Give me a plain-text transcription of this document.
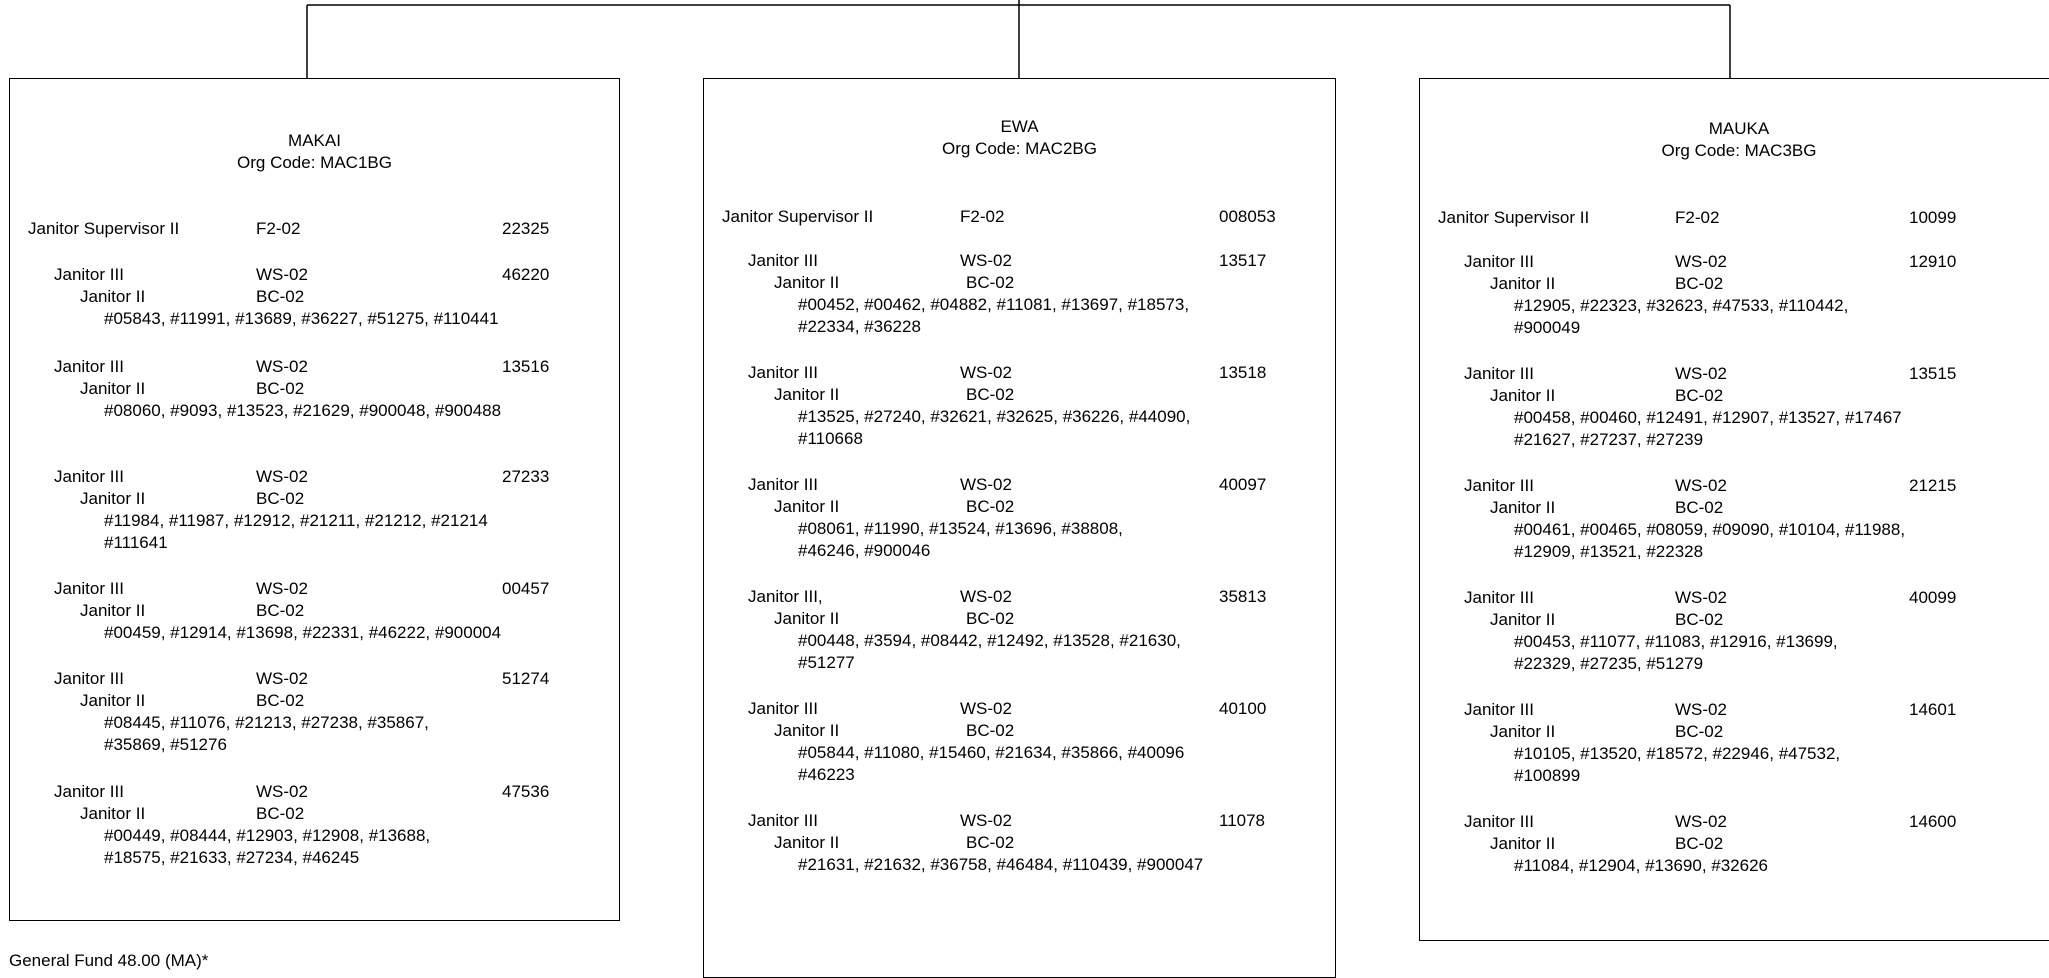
MAKAI
Org Code: MAC1BG
Janitor Supervisor II	F2-02	22325
Janitor III	WS-02	46220
Janitor II	BC-02
#05843, #11991, #13689, #36227, #51275, #110441
Janitor III	WS-02	13516
Janitor II	BC-02
#08060, #9093, #13523, #21629, #900048, #900488
Janitor III	WS-02	27233
Janitor II	BC-02
#11984, #11987, #12912, #21211, #21212, #21214
#111641
Janitor III	WS-02	00457
Janitor II	BC-02
#00459, #12914, #13698, #22331, #46222, #900004
Janitor III	WS-02	51274
Janitor II	BC-02
#08445, #11076, #21213, #27238, #35867,
#35869, #51276
Janitor III	WS-02	47536
Janitor II	BC-02
#00449, #08444, #12903, #12908, #13688,
#18575, #21633, #27234, #46245
EWA
Org Code: MAC2BG
Janitor Supervisor II	F2-02	008053
Janitor III	WS-02	13517
Janitor II	BC-02
#00452, #00462, #04882, #11081, #13697, #18573,
#22334, #36228
Janitor III	WS-02	13518
Janitor II	BC-02
#13525, #27240, #32621, #32625, #36226, #44090,
#110668
Janitor III	WS-02	40097
Janitor II	BC-02
#08061, #11990, #13524, #13696, #38808,
#46246, #900046
Janitor III,	WS-02	35813
Janitor II	BC-02
#00448, #3594, #08442, #12492, #13528, #21630,
#51277
Janitor III	WS-02	40100
Janitor II	BC-02
#05844, #11080, #15460, #21634, #35866, #40096
#46223
Janitor III	WS-02	11078
Janitor II	BC-02
#21631, #21632, #36758, #46484, #110439, #900047
MAUKA
Org Code: MAC3BG
Janitor Supervisor II	F2-02	10099
Janitor III	WS-02	12910
Janitor II	BC-02
#12905, #22323, #32623, #47533, #110442,
#900049
Janitor III	WS-02	13515
Janitor II	BC-02
#00458, #00460, #12491, #12907, #13527, #17467
#21627, #27237, #27239
Janitor III	WS-02	21215
Janitor II	BC-02
#00461, #00465, #08059, #09090, #10104, #11988,
#12909, #13521, #22328
Janitor III	WS-02	40099
Janitor II	BC-02
#00453, #11077, #11083, #12916, #13699,
#22329, #27235, #51279
Janitor III	WS-02	14601
Janitor II	BC-02
#10105, #13520, #18572, #22946, #47532,
#100899
Janitor III	WS-02	14600
Janitor II	BC-02
#11084, #12904, #13690, #32626
General Fund 48.00 (MA)*
